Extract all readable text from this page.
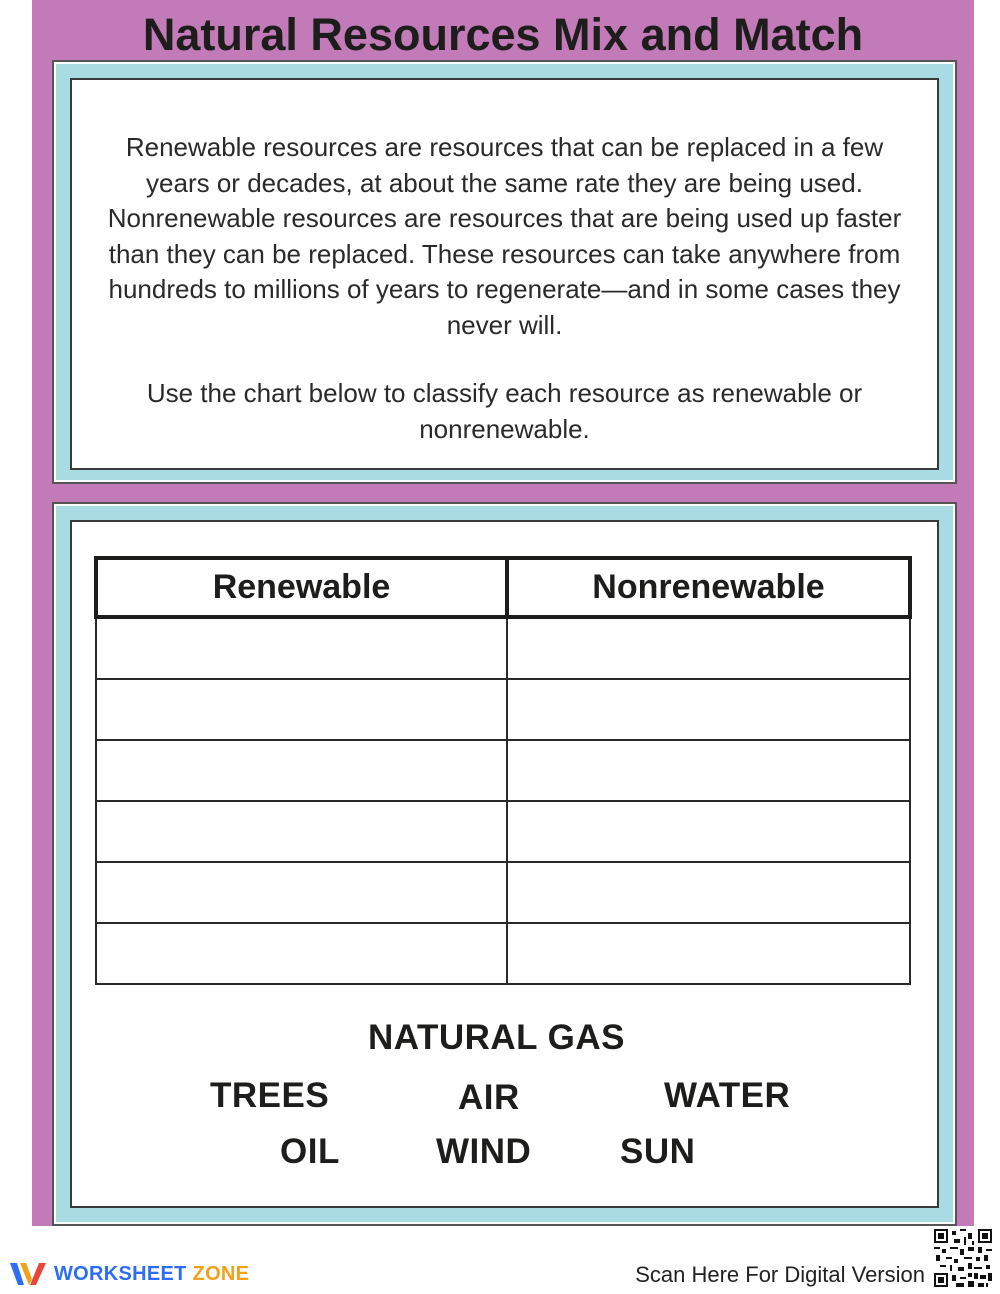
Natural Resources Mix and Match

Renewable resources are resources that can be replaced in a few years or decades, at about the same rate they are being used. Nonrenewable resources are resources that are being used up faster than they can be replaced. These resources can take anywhere from hundreds to millions of years to regenerate—and in some cases they never will.

Use the chart below to classify each resource as renewable or nonrenewable.

Renewable	Nonrenewable

NATURAL GAS
TREES	AIR	WATER
OIL	WIND	SUN
WORKSHEET ZONE	Scan Here For Digital Version
